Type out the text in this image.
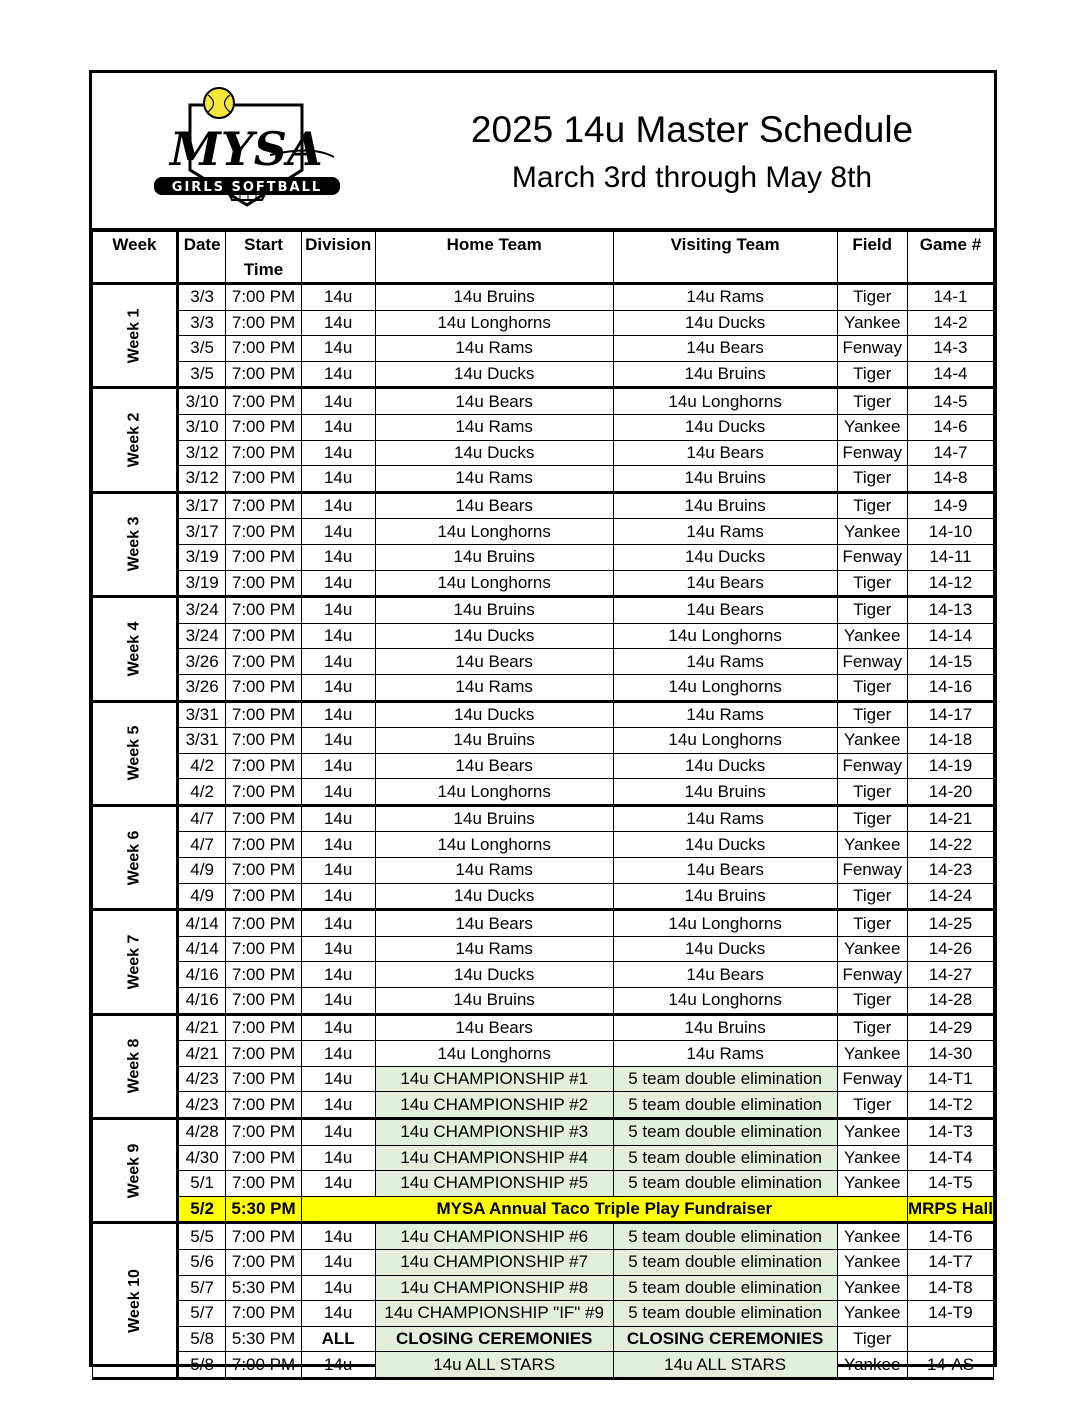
MYSA
GIRLS SOFTBALL
2025 14u Master Schedule
March 3rd through May 8th
Week	Date	Start Time	Division	Home Team	Visiting Team	Field	Game #
Week 1	3/3	7:00 PM	14u	14u Bruins	14u Rams	Tiger	14-1
	3/3	7:00 PM	14u	14u Longhorns	14u Ducks	Yankee	14-2
	3/5	7:00 PM	14u	14u Rams	14u Bears	Fenway	14-3
	3/5	7:00 PM	14u	14u Ducks	14u Bruins	Tiger	14-4
Week 2	3/10	7:00 PM	14u	14u Bears	14u Longhorns	Tiger	14-5
	3/10	7:00 PM	14u	14u Rams	14u Ducks	Yankee	14-6
	3/12	7:00 PM	14u	14u Ducks	14u Bears	Fenway	14-7
	3/12	7:00 PM	14u	14u Rams	14u Bruins	Tiger	14-8
Week 3	3/17	7:00 PM	14u	14u Bears	14u Bruins	Tiger	14-9
	3/17	7:00 PM	14u	14u Longhorns	14u Rams	Yankee	14-10
	3/19	7:00 PM	14u	14u Bruins	14u Ducks	Fenway	14-11
	3/19	7:00 PM	14u	14u Longhorns	14u Bears	Tiger	14-12
Week 4	3/24	7:00 PM	14u	14u Bruins	14u Bears	Tiger	14-13
	3/24	7:00 PM	14u	14u Ducks	14u Longhorns	Yankee	14-14
	3/26	7:00 PM	14u	14u Bears	14u Rams	Fenway	14-15
	3/26	7:00 PM	14u	14u Rams	14u Longhorns	Tiger	14-16
Week 5	3/31	7:00 PM	14u	14u Ducks	14u Rams	Tiger	14-17
	3/31	7:00 PM	14u	14u Bruins	14u Longhorns	Yankee	14-18
	4/2	7:00 PM	14u	14u Bears	14u Ducks	Fenway	14-19
	4/2	7:00 PM	14u	14u Longhorns	14u Bruins	Tiger	14-20
Week 6	4/7	7:00 PM	14u	14u Bruins	14u Rams	Tiger	14-21
	4/7	7:00 PM	14u	14u Longhorns	14u Ducks	Yankee	14-22
	4/9	7:00 PM	14u	14u Rams	14u Bears	Fenway	14-23
	4/9	7:00 PM	14u	14u Ducks	14u Bruins	Tiger	14-24
Week 7	4/14	7:00 PM	14u	14u Bears	14u Longhorns	Tiger	14-25
	4/14	7:00 PM	14u	14u Rams	14u Ducks	Yankee	14-26
	4/16	7:00 PM	14u	14u Ducks	14u Bears	Fenway	14-27
	4/16	7:00 PM	14u	14u Bruins	14u Longhorns	Tiger	14-28
Week 8	4/21	7:00 PM	14u	14u Bears	14u Bruins	Tiger	14-29
	4/21	7:00 PM	14u	14u Longhorns	14u Rams	Yankee	14-30
	4/23	7:00 PM	14u	14u CHAMPIONSHIP #1	5 team double elimination	Fenway	14-T1
	4/23	7:00 PM	14u	14u CHAMPIONSHIP #2	5 team double elimination	Tiger	14-T2
Week 9	4/28	7:00 PM	14u	14u CHAMPIONSHIP #3	5 team double elimination	Yankee	14-T3
	4/30	7:00 PM	14u	14u CHAMPIONSHIP #4	5 team double elimination	Yankee	14-T4
	5/1	7:00 PM	14u	14u CHAMPIONSHIP #5	5 team double elimination	Yankee	14-T5
	5/2	5:30 PM	MYSA Annual Taco Triple Play Fundraiser				MRPS Hall
Week 10	5/5	7:00 PM	14u	14u CHAMPIONSHIP #6	5 team double elimination	Yankee	14-T6
	5/6	7:00 PM	14u	14u CHAMPIONSHIP #7	5 team double elimination	Yankee	14-T7
	5/7	5:30 PM	14u	14u CHAMPIONSHIP #8	5 team double elimination	Yankee	14-T8
	5/7	7:00 PM	14u	14u CHAMPIONSHIP "IF" #9	5 team double elimination	Yankee	14-T9
	5/8	5:30 PM	ALL	CLOSING CEREMONIES	CLOSING CEREMONIES	Tiger	
	5/8	7:00 PM	14u	14u ALL STARS	14u ALL STARS	Yankee	14-AS
